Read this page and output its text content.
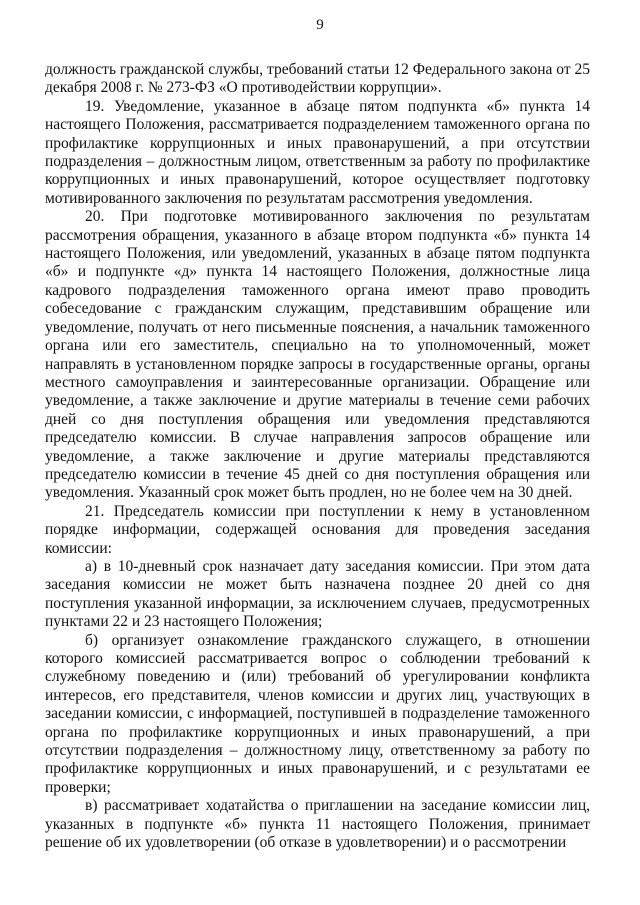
9

должность гражданской службы, требований статьи 12 Федерального закона от 25 декабря 2008 г. № 273-ФЗ «О противодействии коррупции».

19. Уведомление, указанное в абзаце пятом подпункта «б» пункта 14 настоящего Положения, рассматривается подразделением таможенного органа по профилактике коррупционных и иных правонарушений, а при отсутствии подразделения – должностным лицом, ответственным за работу по профилактике коррупционных и иных правонарушений, которое осуществляет подготовку мотивированного заключения по результатам рассмотрения уведомления.

20. При подготовке мотивированного заключения по результатам рассмотрения обращения, указанного в абзаце втором подпункта «б» пункта 14 настоящего Положения, или уведомлений, указанных в абзаце пятом подпункта «б» и подпункте «д» пункта 14 настоящего Положения, должностные лица кадрового подразделения таможенного органа имеют право проводить собеседование с гражданским служащим, представившим обращение или уведомление, получать от него письменные пояснения, а начальник таможенного органа или его заместитель, специально на то уполномоченный, может направлять в установленном порядке запросы в государственные органы, органы местного самоуправления и заинтересованные организации. Обращение или уведомление, а также заключение и другие материалы в течение семи рабочих дней со дня поступления обращения или уведомления представляются председателю комиссии. В случае направления запросов обращение или уведомление, а также заключение и другие материалы представляются председателю комиссии в течение 45 дней со дня поступления обращения или уведомления. Указанный срок может быть продлен, но не более чем на 30 дней.

21. Председатель комиссии при поступлении к нему в установленном порядке информации, содержащей основания для проведения заседания комиссии:

а) в 10-дневный срок назначает дату заседания комиссии. При этом дата заседания комиссии не может быть назначена позднее 20 дней со дня поступления указанной информации, за исключением случаев, предусмотренных пунктами 22 и 23 настоящего Положения;

б) организует ознакомление гражданского служащего, в отношении которого комиссией рассматривается вопрос о соблюдении требований к служебному поведению и (или) требований об урегулировании конфликта интересов, его представителя, членов комиссии и других лиц, участвующих в заседании комиссии, с информацией, поступившей в подразделение таможенного органа по профилактике коррупционных и иных правонарушений, а при отсутствии подразделения – должностному лицу, ответственному за работу по профилактике коррупционных и иных правонарушений, и с результатами ее проверки;

в) рассматривает ходатайства о приглашении на заседание комиссии лиц, указанных в подпункте «б» пункта 11 настоящего Положения, принимает решение об их удовлетворении (об отказе в удовлетворении) и о рассмотрении
